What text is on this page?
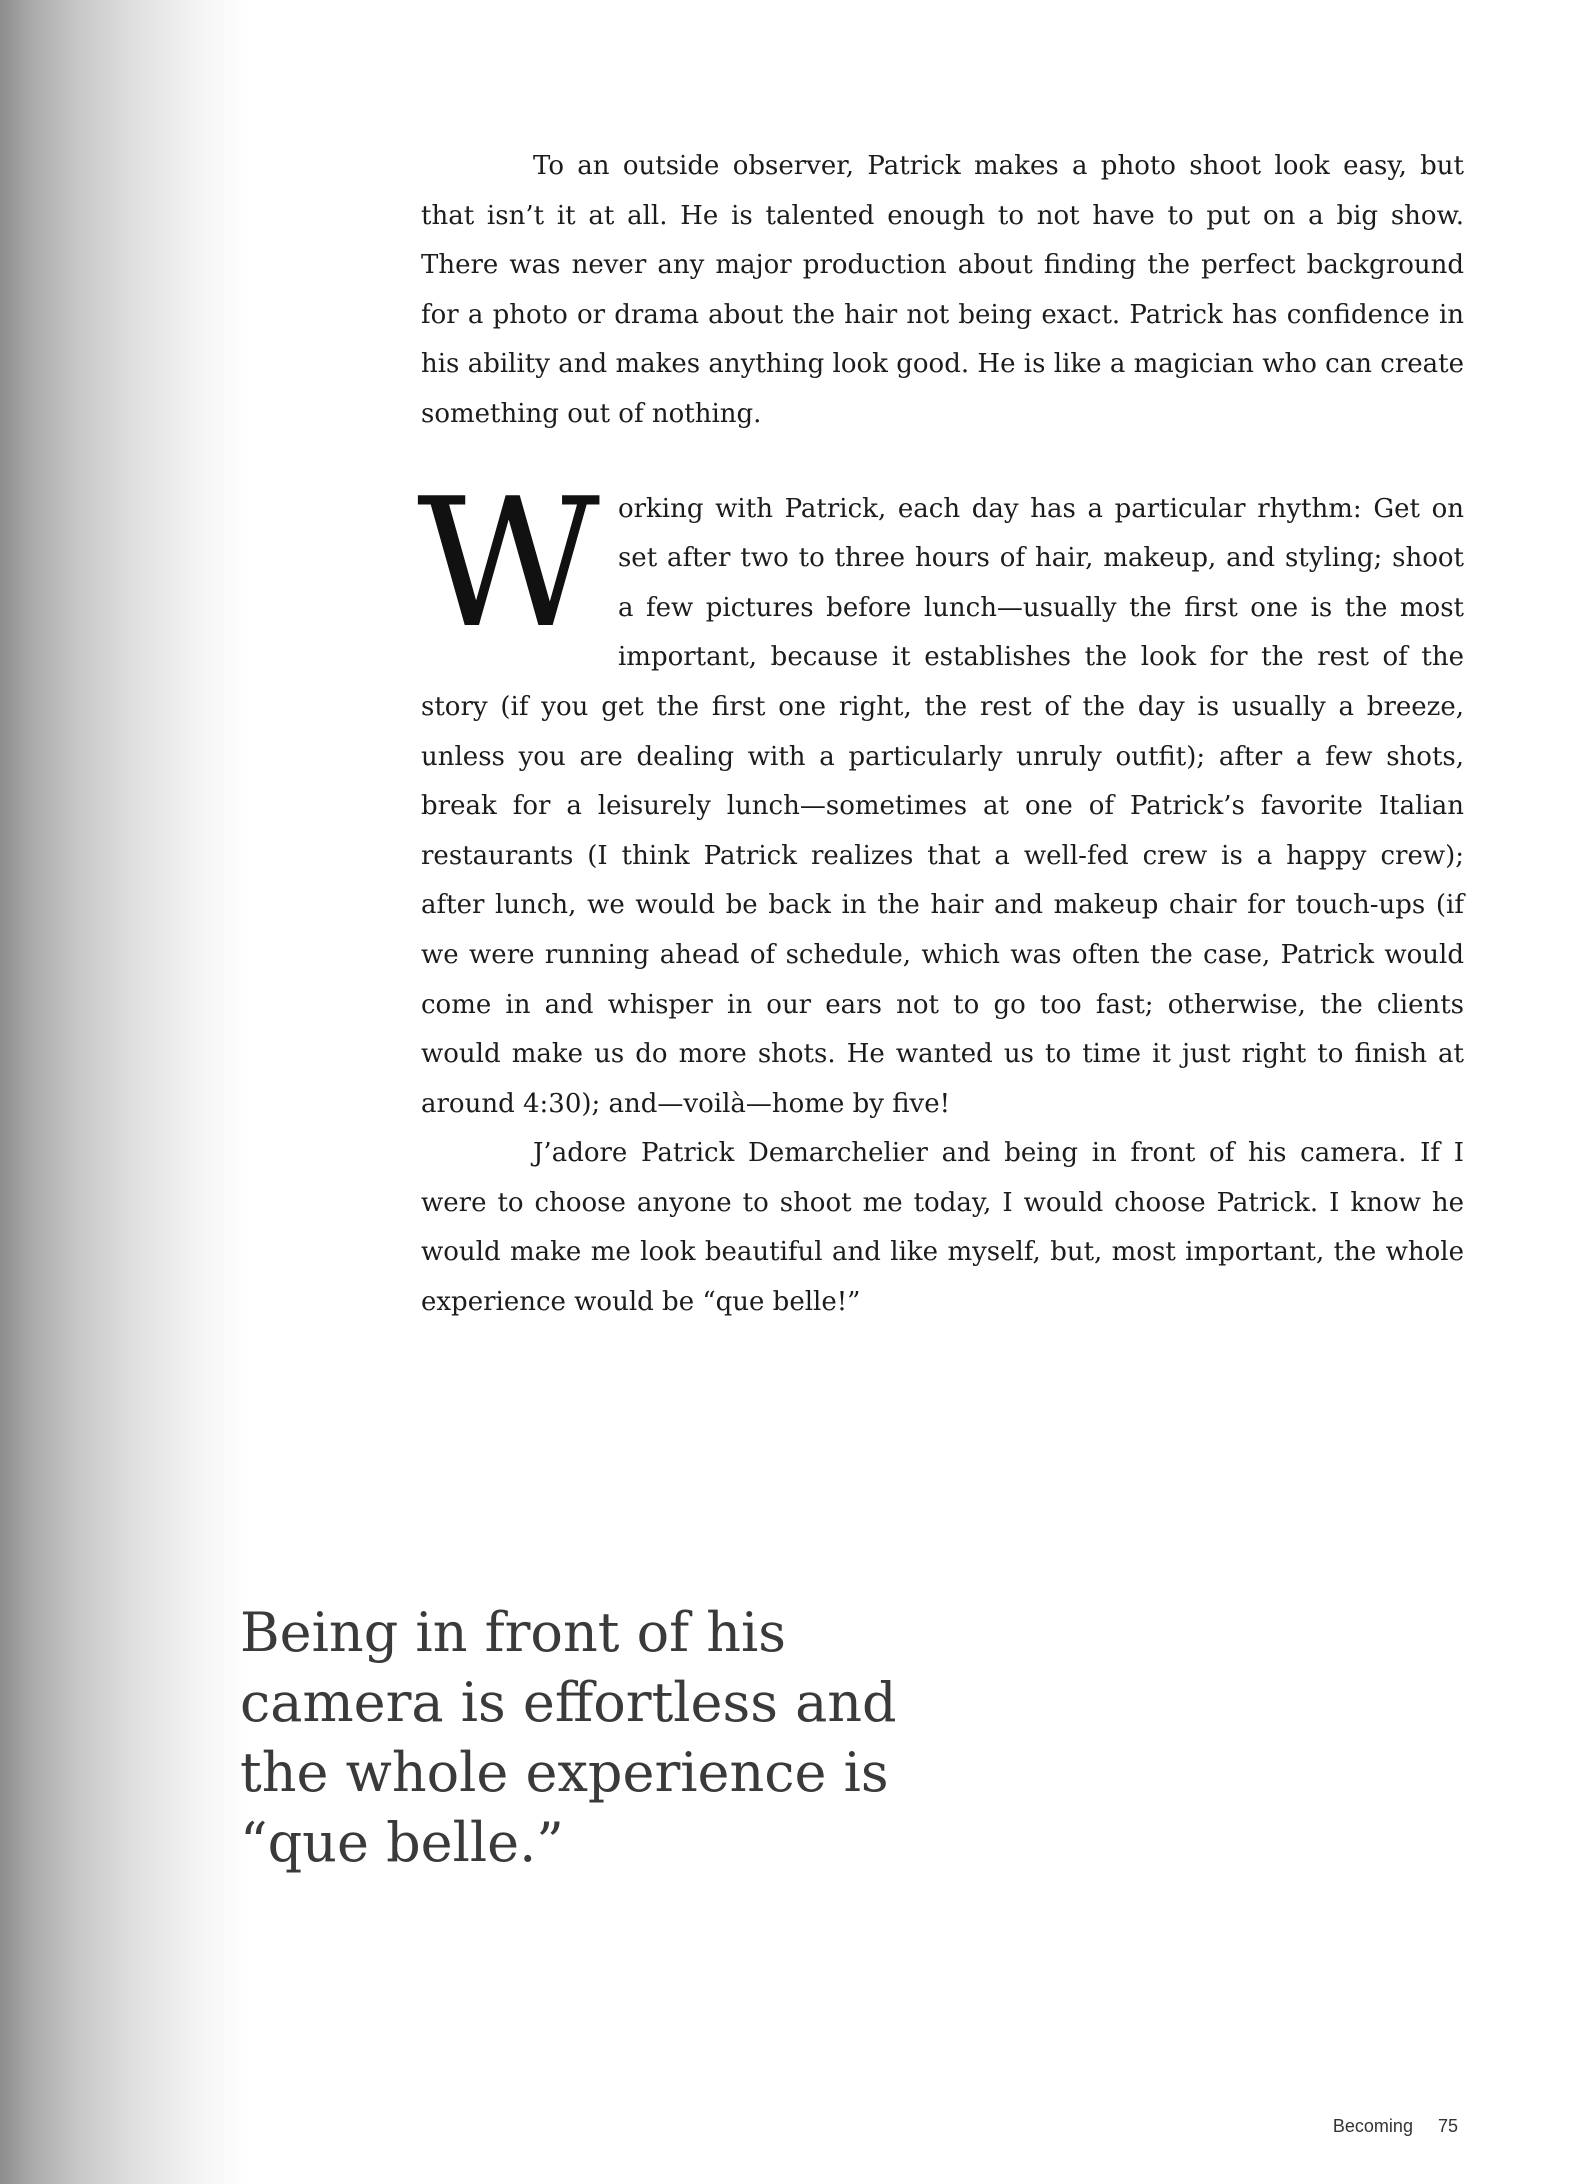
To an outside observer, Patrick makes a photo shoot look easy, but that isn’t it at all. He is talented enough to not have to put on a big show. There was never any major production about finding the perfect background for a photo or drama about the hair not being exact. Patrick has confidence in his ability and makes anything look good. He is like a magician who can create something out of nothing.

Working with Patrick, each day has a particular rhythm: Get on set after two to three hours of hair, makeup, and styling; shoot a few pictures before lunch—usually the first one is the most important, because it establishes the look for the rest of the story (if you get the first one right, the rest of the day is usually a breeze, unless you are dealing with a particularly unruly outfit); after a few shots, break for a leisurely lunch—sometimes at one of Patrick’s favorite Italian restaurants (I think Patrick realizes that a well-fed crew is a happy crew); after lunch, we would be back in the hair and makeup chair for touch-ups (if we were running ahead of schedule, which was often the case, Patrick would come in and whisper in our ears not to go too fast; otherwise, the clients would make us do more shots. He wanted us to time it just right to finish at around 4:30); and—voilà—home by five!

J’adore Patrick Demarchelier and being in front of his camera. If I were to choose anyone to shoot me today, I would choose Patrick. I know he would make me look beautiful and like myself, but, most important, the whole experience would be “que belle!”

Being in front of his camera is effortless and the whole experience is “que belle.”

Becoming 75
